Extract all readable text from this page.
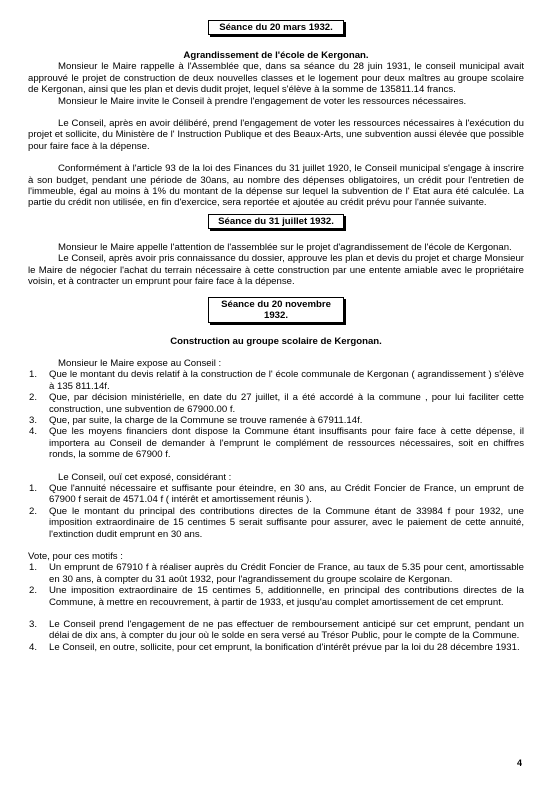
Séance du 20 mars 1932.

Agrandissement de l'école de Kergonan.

Monsieur le Maire rappelle à l'Assemblée que, dans sa séance du 28 juin 1931, le conseil municipal avait approuvé le projet de construction de deux nouvelles classes et le logement pour deux maîtres au groupe scolaire de Kergonan, ainsi que les plan et devis dudit projet, lequel s'élève à la somme de 135811.14 francs.

Monsieur le Maire invite le Conseil à prendre l'engagement de voter les ressources nécessaires.

Le Conseil, après en avoir délibéré, prend l'engagement de voter les ressources nécessaires à l'exécution du projet et sollicite, du Ministère de l' Instruction Publique et des Beaux-Arts, une subvention aussi élevée que possible pour faire face à la dépense.

Conformément à l'article 93 de la loi des Finances du 31 juillet 1920, le Conseil municipal s'engage à inscrire à son budget, pendant une période de 30ans, au nombre des dépenses obligatoires, un crédit pour l'entretien de l'immeuble, égal au moins à 1% du montant de la dépense sur lequel la subvention de l' Etat aura été calculée. La partie du crédit non utilisée, en fin d'exercice, sera reportée et ajoutée au crédit prévu pour l'année suivante.

Séance du 31 juillet 1932.

Monsieur le Maire appelle l'attention de l'assemblée sur le projet d'agrandissement de l'école de Kergonan.

Le Conseil, après avoir pris connaissance du dossier, approuve les plan et devis du projet et charge Monsieur le Maire de négocier l'achat du terrain nécessaire à cette construction par une entente amiable avec le propriétaire voisin, et à contracter un emprunt pour faire face à la dépense.

Séance du 20 novembre 1932.

Construction au groupe scolaire de Kergonan.

Monsieur le Maire expose au Conseil :

1. Que le montant du devis relatif à la construction de l' école communale de Kergonan ( agrandissement ) s'élève à 135 811.14f.
2. Que, par décision ministérielle, en date du 27 juillet, il a été accordé à la commune , pour lui faciliter cette construction, une subvention de 67900.00 f.
3. Que, par suite, la charge de la Commune se trouve ramenée à 67911.14f.
4. Que les moyens financiers dont dispose la Commune étant insuffisants pour faire face à cette dépense, il importera au Conseil de demander à l'emprunt le complément de ressources nécessaires, soit en chiffres ronds, la somme de 67900 f.

Le Conseil, ouï cet exposé, considérant :

1. Que l'annuité nécessaire et suffisante pour éteindre, en 30 ans, au Crédit Foncier de France, un emprunt de 67900 f serait de 4571.04 f ( intérêt et amortissement réunis ).
2. Que le montant du principal des contributions directes de la Commune étant de 33984 f pour 1932, une imposition extraordinaire de 15 centimes 5 serait suffisante pour assurer, avec le paiement de cette annuité, l'extinction dudit emprunt en 30 ans.

Vote, pour ces motifs :

1. Un emprunt de 67910 f à réaliser auprès du Crédit Foncier de France, au taux de 5.35 pour cent, amortissable en 30 ans, à compter du 31 août 1932, pour l'agrandissement du groupe scolaire de Kergonan.
2. Une imposition extraordinaire de 15 centimes 5, additionnelle, en principal des contributions directes de la Commune, à mettre en recouvrement, à partir de 1933, et jusqu'au complet amortissement de cet emprunt.
3. Le Conseil prend l'engagement de ne pas effectuer de remboursement anticipé sur cet emprunt, pendant un délai de dix ans, à compter du jour où le solde en sera versé au Trésor Public, pour le compte de la Commune.
4. Le Conseil, en outre, sollicite, pour cet emprunt, la bonification d'intérêt prévue par la loi du 28 décembre 1931.
4
